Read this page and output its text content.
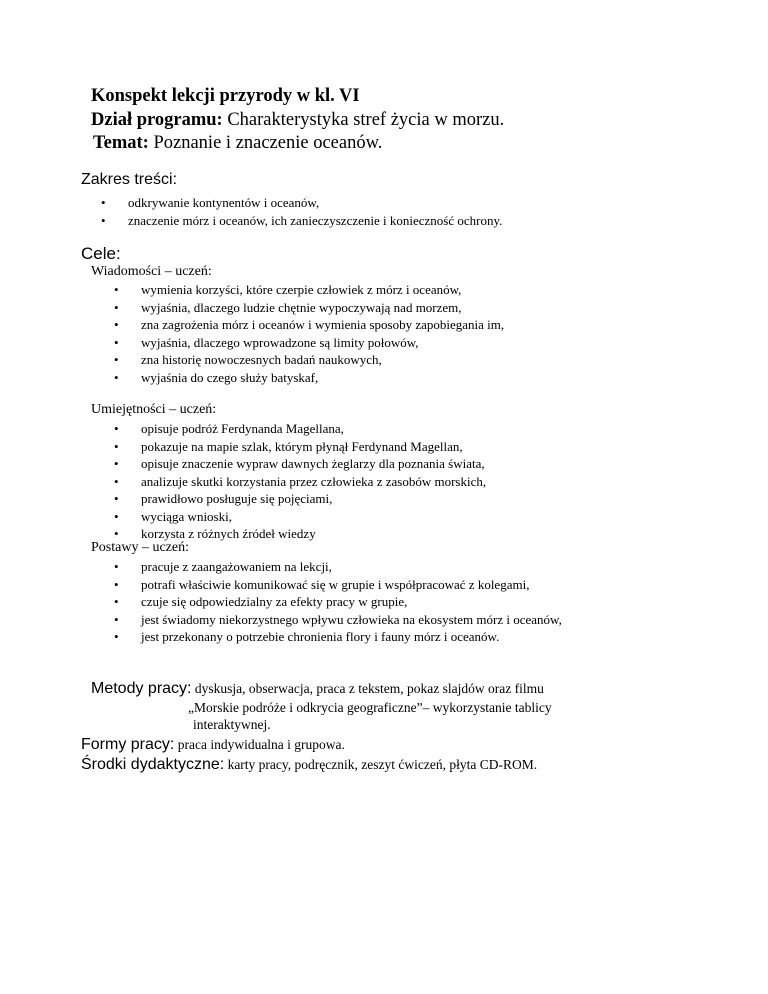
Konspekt lekcji przyrody w kl. VI
Dział programu: Charakterystyka stref życia w morzu.
Temat: Poznanie i znaczenie oceanów.
Zakres treści:
• odkrywanie kontynentów i oceanów,
• znaczenie mórz i oceanów, ich zanieczyszczenie i konieczność ochrony.
Cele:
Wiadomości – uczeń:
• wymienia korzyści, które czerpie człowiek z mórz i oceanów,
• wyjaśnia, dlaczego ludzie chętnie wypoczywają nad morzem,
• zna zagrożenia mórz i oceanów i wymienia sposoby zapobiegania im,
• wyjaśnia, dlaczego wprowadzone są limity połowów,
• zna historię nowoczesnych badań naukowych,
• wyjaśnia do czego służy batyskaf,
Umiejętności – uczeń:
• opisuje podróż Ferdynanda Magellana,
• pokazuje na mapie szlak, którym płynął Ferdynand Magellan,
• opisuje znaczenie wypraw dawnych żeglarzy dla poznania świata,
• analizuje skutki korzystania przez człowieka z zasobów morskich,
• prawidłowo posługuje się pojęciami,
• wyciąga wnioski,
• korzysta z różnych źródeł wiedzy
Postawy – uczeń:
• pracuje z zaangażowaniem na lekcji,
• potrafi właściwie komunikować się w grupie i współpracować z kolegami,
• czuje się odpowiedzialny za efekty pracy w grupie,
• jest świadomy niekorzystnego wpływu człowieka na ekosystem mórz i oceanów,
• jest przekonany o potrzebie chronienia flory i fauny mórz i oceanów.
Metody pracy: dyskusja, obserwacja, praca z tekstem, pokaz slajdów oraz filmu
„Morskie podróże i odkrycia geograficzne”– wykorzystanie tablicy
interaktywnej.
Formy pracy: praca indywidualna i grupowa.
Środki dydaktyczne: karty pracy, podręcznik, zeszyt ćwiczeń, płyta CD-ROM.
